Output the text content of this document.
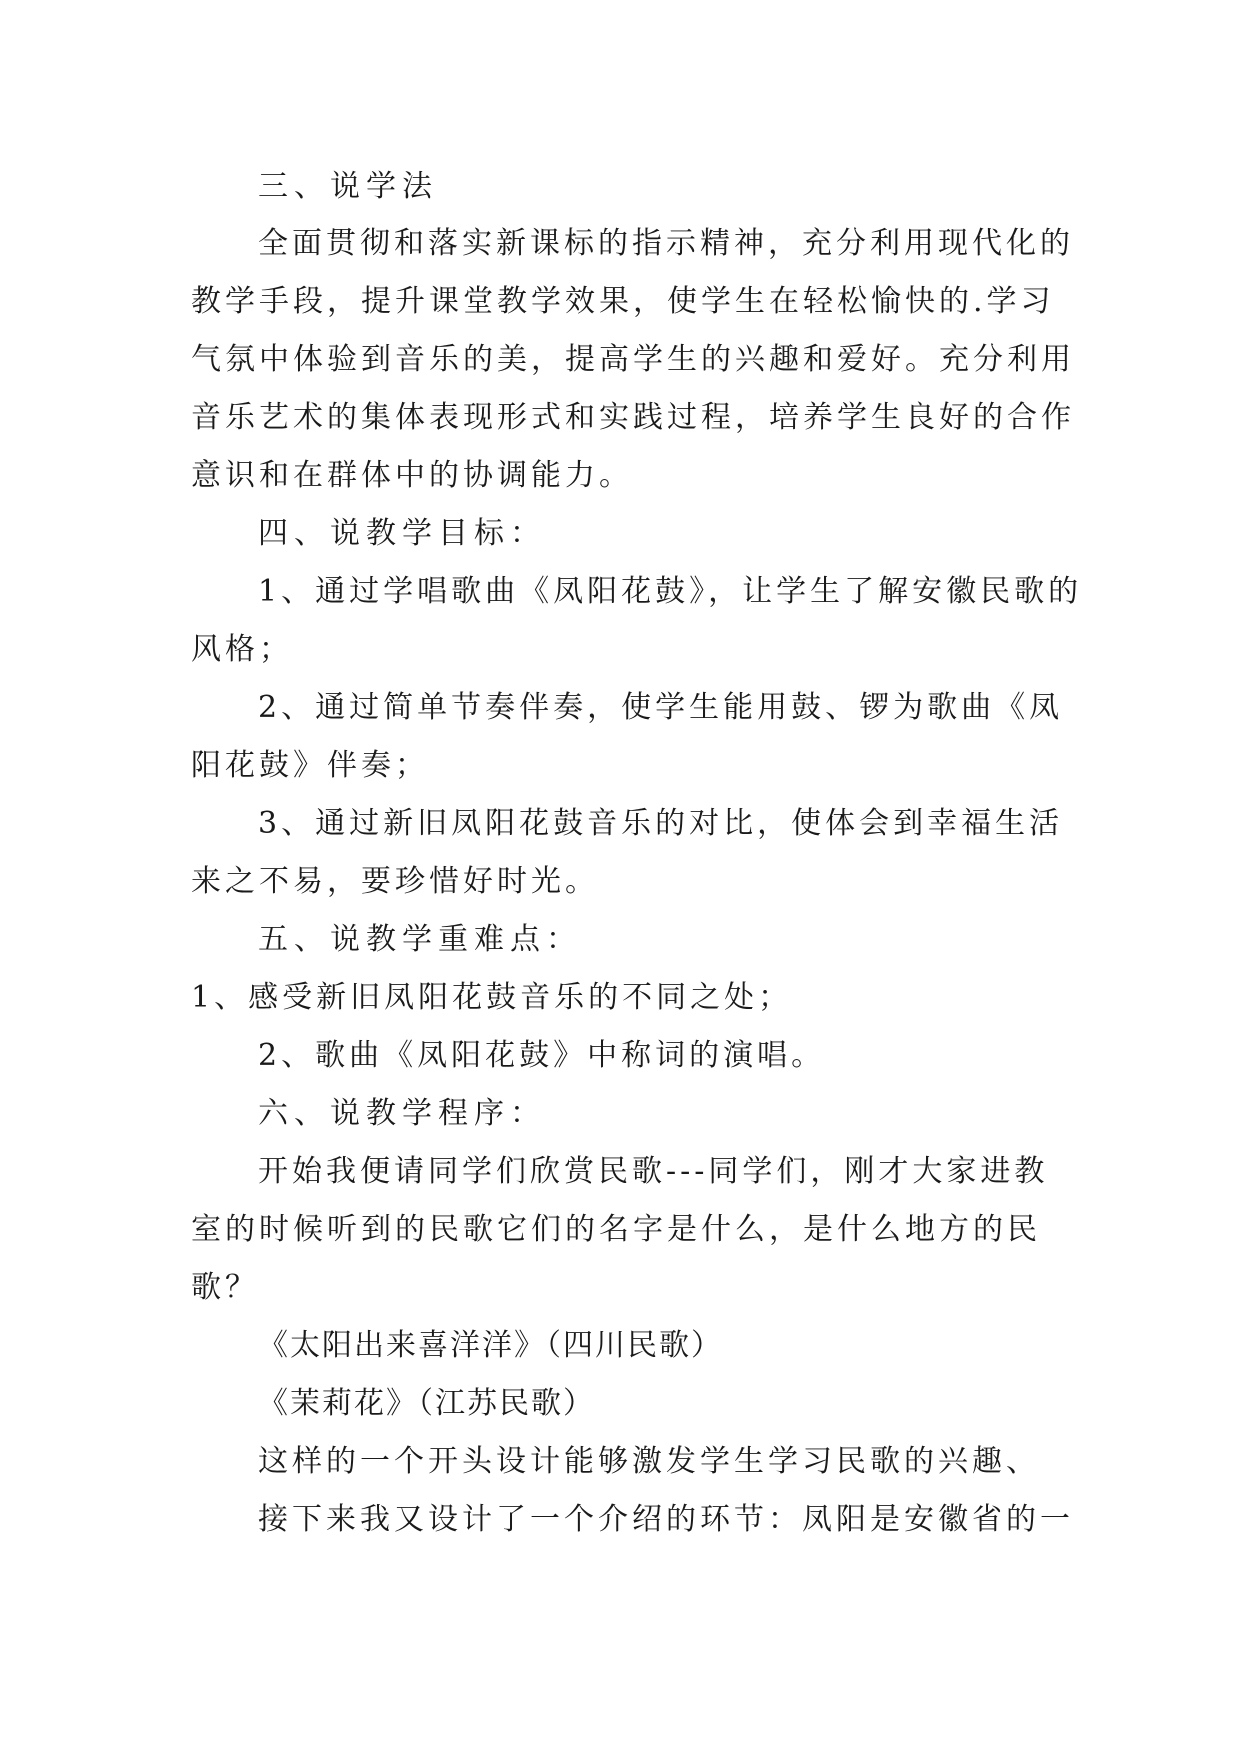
三、说学法
全面贯彻和落实新课标的指示精神，充分利用现代化的
教学手段，提升课堂教学效果，使学生在轻松愉快的.学习
气氛中体验到音乐的美，提高学生的兴趣和爱好。充分利用
音乐艺术的集体表现形式和实践过程，培养学生良好的合作
意识和在群体中的协调能力。
四、说教学目标：
1、通过学唱歌曲《凤阳花鼓》，让学生了解安徽民歌的
风格；
2、通过简单节奏伴奏，使学生能用鼓、锣为歌曲《凤
阳花鼓》伴奏；
3、通过新旧凤阳花鼓音乐的对比，使体会到幸福生活
来之不易，要珍惜好时光。
五、说教学重难点：
1、感受新旧凤阳花鼓音乐的不同之处；
2、歌曲《凤阳花鼓》中称词的演唱。
六、说教学程序：
开始我便请同学们欣赏民歌---同学们，刚才大家进教
室的时候听到的民歌它们的名字是什么，是什么地方的民
歌？
《太阳出来喜洋洋》（四川民歌）
《茉莉花》（江苏民歌）
这样的一个开头设计能够激发学生学习民歌的兴趣、
接下来我又设计了一个介绍的环节：凤阳是安徽省的一
